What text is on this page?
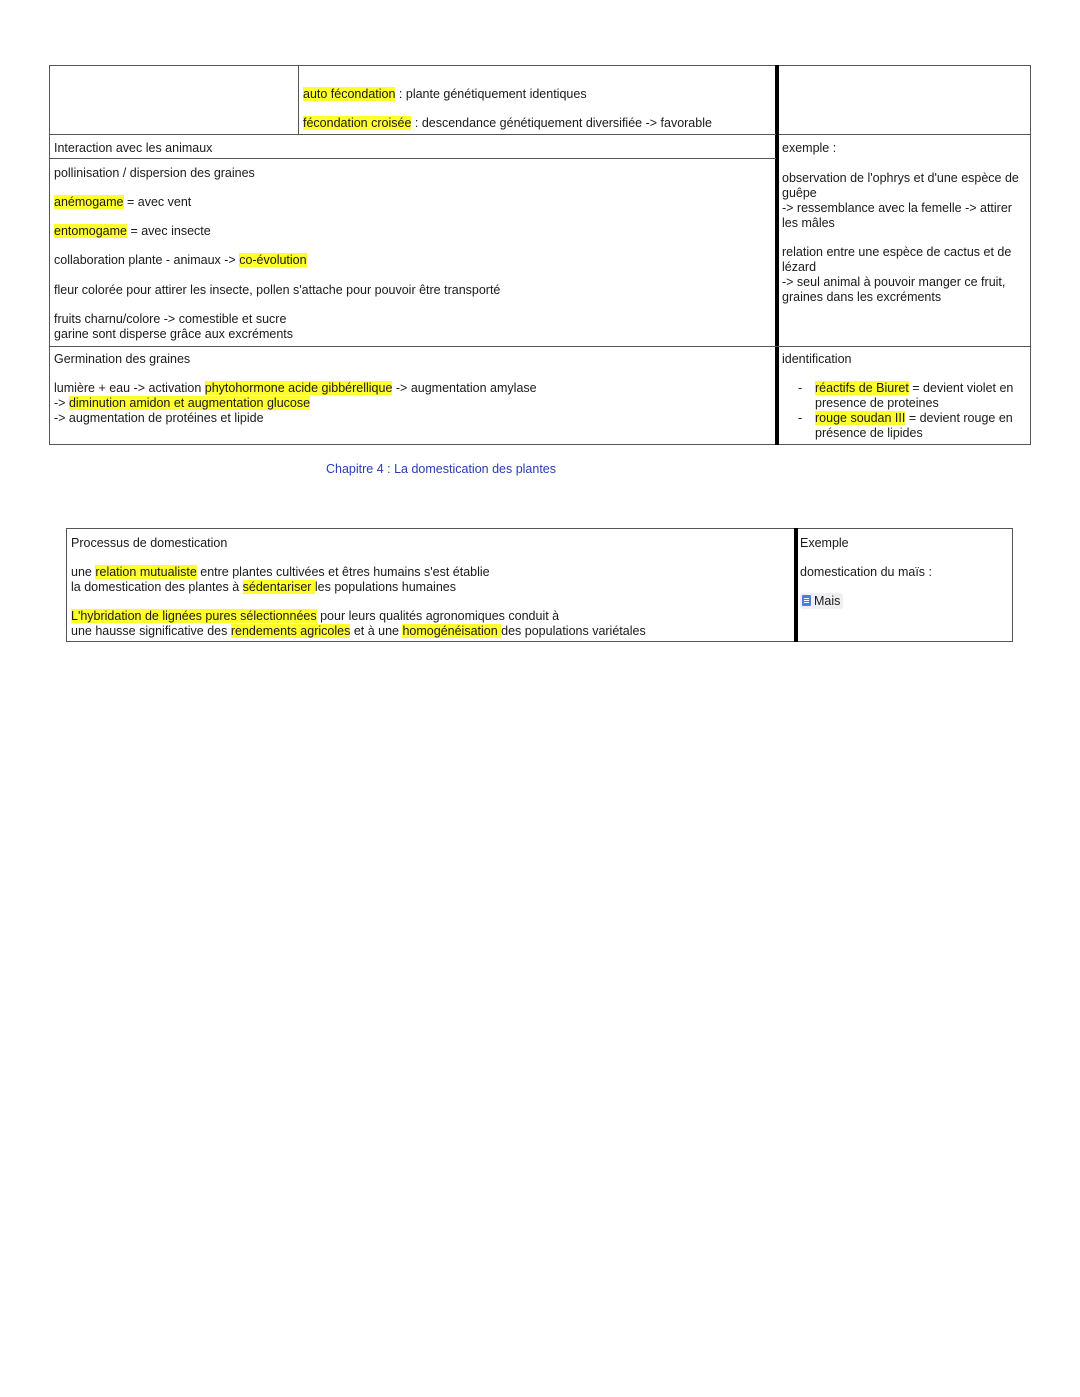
auto fécondation : plante génétiquement identiques
fécondation croisée : descendance génétiquement diversifiée -> favorable
Interaction avec les animaux
pollinisation / dispersion des graines
anémogame = avec vent
entomogame = avec insecte
collaboration plante - animaux -> co-évolution
fleur colorée pour attirer les insecte, pollen s'attache pour pouvoir être transporté
fruits charnu/colore -> comestible et sucre
garine sont disperse grâce aux excréments
exemple :
observation de l'ophrys et d'une espèce de
guêpe
-> ressemblance avec la femelle -> attirer
les mâles
relation entre une espèce de cactus et de
lézard
-> seul animal à pouvoir manger ce fruit,
graines dans les excréments
Germination des graines
lumière + eau -> activation phytohormone acide gibbérellique -> augmentation amylase
-> diminution amidon et augmentation glucose
-> augmentation de protéines et lipide
identification
-
-
réactifs de Biuret = devient violet en
presence de proteines
rouge soudan III = devient rouge en
présence de lipides
Chapitre 4 : La domestication des plantes
Processus de domestication
une relation mutualiste entre plantes cultivées et êtres humains s'est établie
la domestication des plantes à sédentariser les populations humaines
L'hybridation de lignées pures sélectionnées pour leurs qualités agronomiques conduit à
une hausse significative des rendements agricoles et à une homogénéisation des populations variétales
Exemple
domestication du maïs :
Mais
